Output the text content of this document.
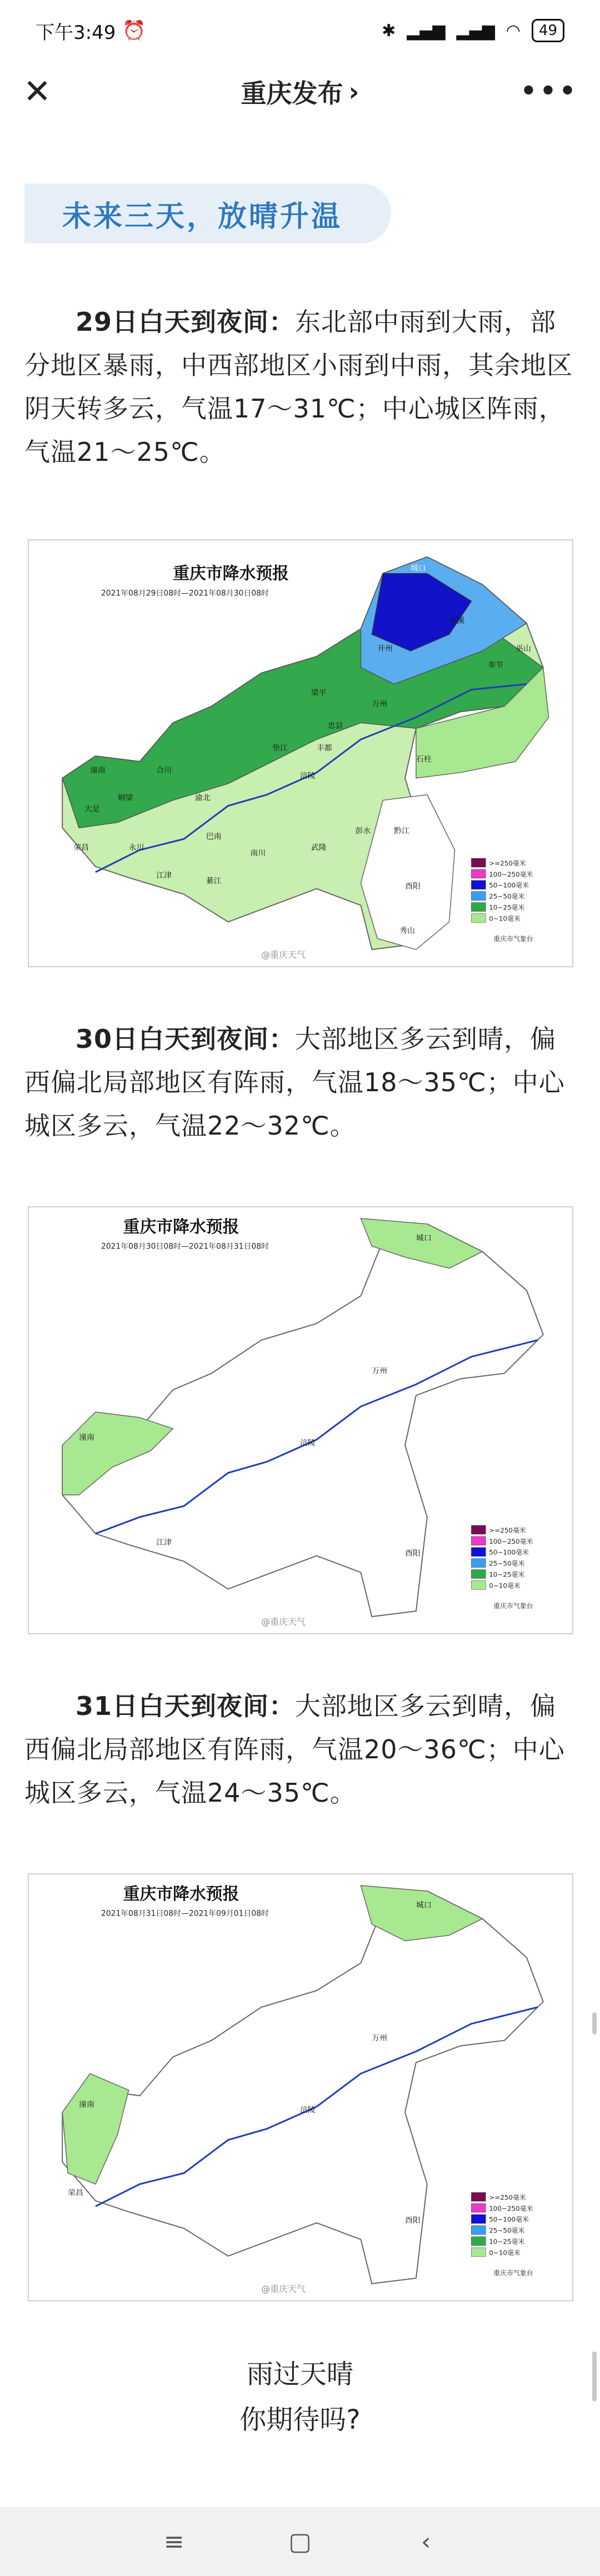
下午3:49 ⏰	✱ ▂▄▆ ▂▄▆ ◠	49
✕	重庆发布 ›	•••
未来三天，放晴升温
29日白天到夜间：东北部中雨到大雨，部分地区暴雨，中西部地区小雨到中雨，其余地区阴天转多云，气温17～31℃；中心城区阵雨，气温21～25℃。
重庆市降水预报
2021年08月29日08时—2021年08月30日08时
>=250毫米
100~250毫米
50~100毫米
25~50毫米
10~25毫米
0~10毫米
重庆市气象台
城口
巫溪
巫山
奉节
开州
万州
梁平
忠县
石柱
丰都
垫江
涪陵
武隆
彭水	黔江
酉阳
秀山
南川
綦江
江津
永川
荣昌
大足
潼南
铜梁
合川
渝北
巴南
@重庆天气
30日白天到夜间：大部地区多云到晴，偏西偏北局部地区有阵雨，气温18～35℃；中心城区多云，气温22～32℃。
重庆市降水预报
2021年08月30日08时—2021年08月31日08时
>=250毫米
100~250毫米
50~100毫米
25~50毫米
10~25毫米
0~10毫米
重庆市气象台
城口
万州
涪陵
酉阳
江津
潼南
@重庆天气
31日白天到夜间：大部地区多云到晴，偏西偏北局部地区有阵雨，气温20～36℃；中心城区多云，气温24～35℃。
重庆市降水预报
2021年08月31日08时—2021年09月01日08时
>=250毫米
100~250毫米
50~100毫米
25~50毫米
10~25毫米
0~10毫米
重庆市气象台
城口
万州
涪陵
酉阳
荣昌
潼南
@重庆天气
雨过天晴
你期待吗?
≡	▢	‹
